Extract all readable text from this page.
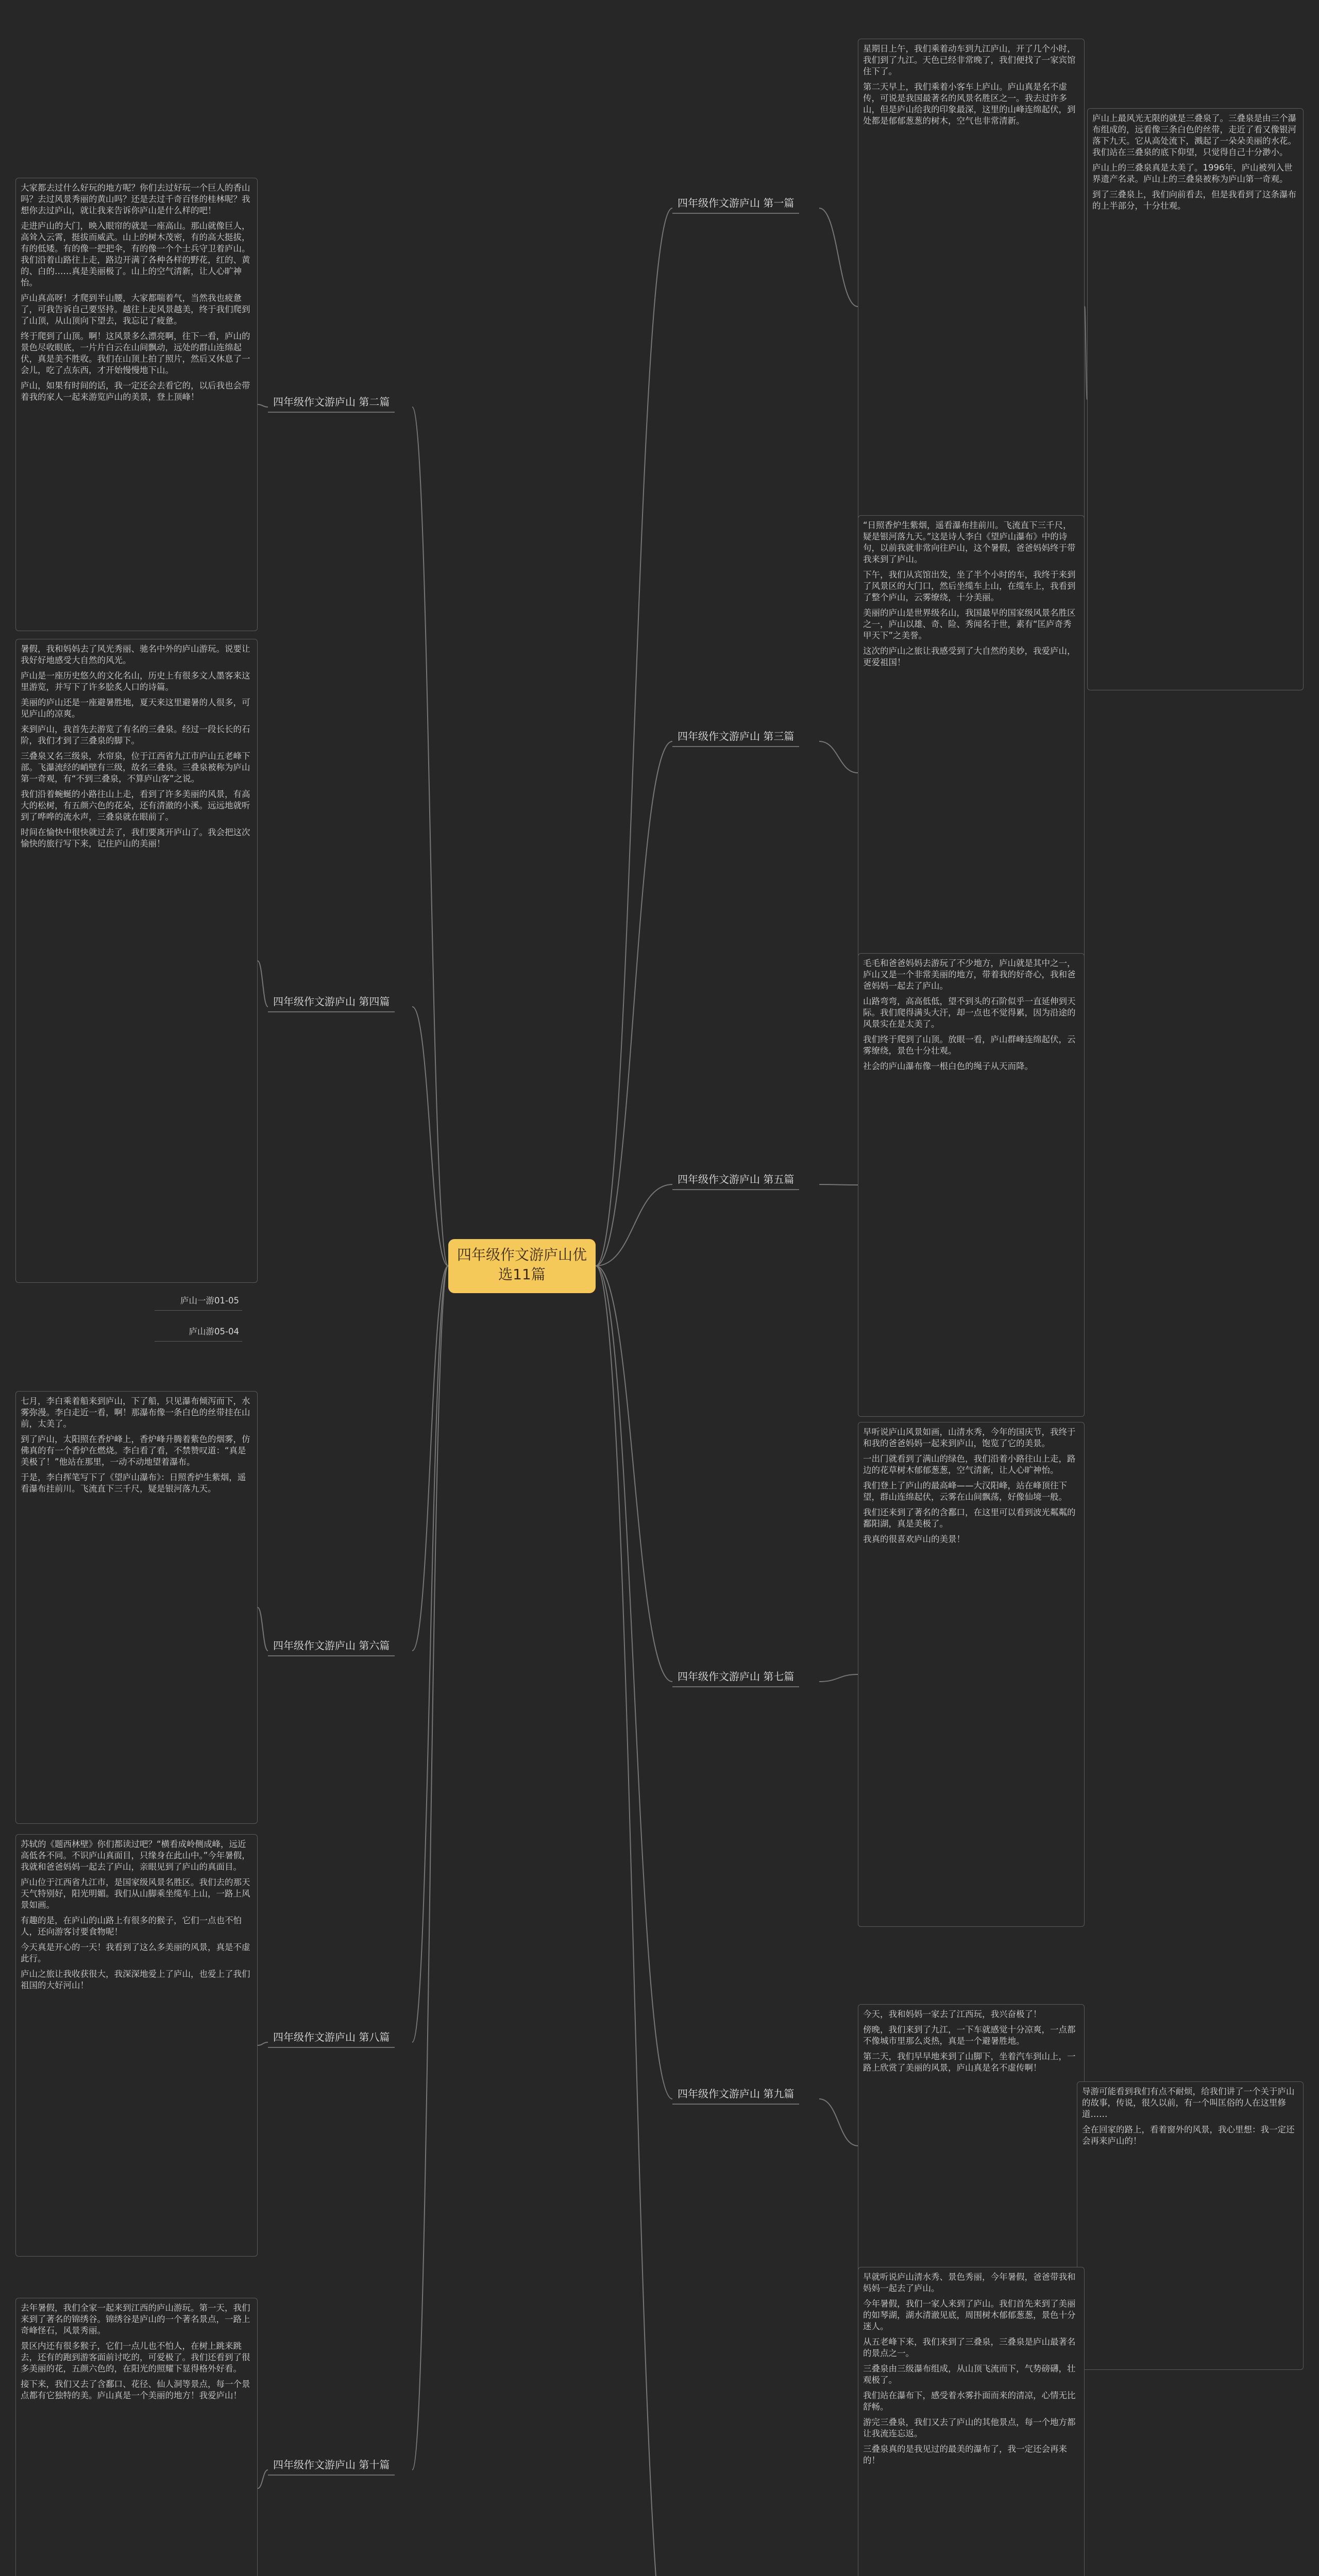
四年级作文游庐山优选11篇
四年级作文游庐山 第二篇
大家都去过什么好玩的地方呢？你们去过好玩一个巨人的香山吗？去过风景秀丽的黄山吗？还是去过千奇百怪的桂林呢？我想你去过庐山，就让我来告诉你庐山是什么样的吧！
走进庐山的大门，映入眼帘的就是一座高山。那山就像巨人，高耸入云霄，挺拔而威武。山上的树木茂密，有的高大挺拔，有的低矮。有的像一把把伞，有的像一个个士兵守卫着庐山。我们沿着山路往上走，路边开满了各种各样的野花，红的、黄的、白的……真是美丽极了。山上的空气清新，让人心旷神怡。
庐山真高呀！才爬到半山腰，大家都喘着气，当然我也疲惫了，可我告诉自己要坚持。越往上走风景越美，终于我们爬到了山顶，从山顶向下望去，我忘记了疲惫。
终于爬到了山顶。啊！这风景多么漂亮啊，往下一看，庐山的景色尽收眼底，一片片白云在山间飘动，远处的群山连绵起伏，真是美不胜收。我们在山顶上拍了照片，然后又休息了一会儿，吃了点东西，才开始慢慢地下山。
庐山，如果有时间的话，我一定还会去看它的，以后我也会带着我的家人一起来游览庐山的美景，登上顶峰！
四年级作文游庐山 第四篇
暑假，我和妈妈去了风光秀丽、驰名中外的庐山游玩。说要让我好好地感受大自然的风光。
庐山是一座历史悠久的文化名山，历史上有很多文人墨客来这里游览，并写下了许多脍炙人口的诗篇。
美丽的庐山还是一座避暑胜地，夏天来这里避暑的人很多，可见庐山的凉爽。
来到庐山，我首先去游览了有名的三叠泉。经过一段长长的石阶，我们才到了三叠泉的脚下。
三叠泉又名三级泉，水帘泉，位于江西省九江市庐山五老峰下部。飞瀑流经的峭壁有三级，故名三叠泉。三叠泉被称为庐山第一奇观，有“不到三叠泉，不算庐山客”之说。
我们沿着蜿蜒的小路往山上走，看到了许多美丽的风景，有高大的松树，有五颜六色的花朵，还有清澈的小溪。远远地就听到了哗哗的流水声，三叠泉就在眼前了。
时间在愉快中很快就过去了，我们要离开庐山了。我会把这次愉快的旅行写下来，记住庐山的美丽！
庐山一游01-05
庐山游05-04
四年级作文游庐山 第六篇
七月，李白乘着船来到庐山，下了船，只见瀑布倾泻而下，水雾弥漫。李白走近一看，啊！那瀑布像一条白色的丝带挂在山前，太美了。
到了庐山，太阳照在香炉峰上，香炉峰升腾着紫色的烟雾，仿佛真的有一个香炉在燃烧。李白看了看，不禁赞叹道：“真是美极了！”他站在那里，一动不动地望着瀑布。
于是，李白挥笔写下了《望庐山瀑布》：日照香炉生紫烟，遥看瀑布挂前川。飞流直下三千尺，疑是银河落九天。
四年级作文游庐山 第八篇
苏轼的《题西林壁》你们都读过吧？“横看成岭侧成峰，远近高低各不同。不识庐山真面目，只缘身在此山中。”今年暑假，我就和爸爸妈妈一起去了庐山，亲眼见到了庐山的真面目。
庐山位于江西省九江市，是国家级风景名胜区。我们去的那天天气特别好，阳光明媚。我们从山脚乘坐缆车上山，一路上风景如画。
有趣的是，在庐山的山路上有很多的猴子，它们一点也不怕人，还向游客讨要食物呢！
今天真是开心的一天！我看到了这么多美丽的风景，真是不虚此行。
庐山之旅让我收获很大，我深深地爱上了庐山，也爱上了我们祖国的大好河山！
四年级作文游庐山 第十篇
去年暑假，我们全家一起来到江西的庐山游玩。第一天，我们来到了著名的锦绣谷。锦绣谷是庐山的一个著名景点，一路上奇峰怪石，风景秀丽。
景区内还有很多猴子，它们一点儿也不怕人，在树上跳来跳去，还有的跑到游客面前讨吃的，可爱极了。我们还看到了很多美丽的花，五颜六色的，在阳光的照耀下显得格外好看。
接下来，我们又去了含鄱口、花径、仙人洞等景点，每一个景点都有它独特的美。庐山真是一个美丽的地方！我爱庐山！
四年级作文游庐山 第一篇
星期日上午，我们乘着动车到九江庐山，开了几个小时，我们到了九江。天色已经非常晚了，我们便找了一家宾馆住下了。
第二天早上，我们乘着小客车上庐山。庐山真是名不虚传，可说是我国最著名的风景名胜区之一。我去过许多山，但是庐山给我的印象最深，这里的山峰连绵起伏，到处都是郁郁葱葱的树木，空气也非常清新。	庐山上最风光无限的就是三叠泉了。三叠泉是由三个瀑布组成的，远看像三条白色的丝带，走近了看又像银河落下九天。它从高处流下，溅起了一朵朵美丽的水花。我们站在三叠泉的底下仰望，只觉得自己十分渺小。
庐山上的三叠泉真是太美了。1996年，庐山被列入世界遗产名录。庐山上的三叠泉被称为庐山第一奇观。
到了三叠泉上，我们向前看去，但是我看到了这条瀑布的上半部分，十分壮观。
四年级作文游庐山 第三篇
“日照香炉生紫烟，遥看瀑布挂前川。飞流直下三千尺，疑是银河落九天。”这是诗人李白《望庐山瀑布》中的诗句，以前我就非常向往庐山，这个暑假，爸爸妈妈终于带我来到了庐山。
下午，我们从宾馆出发，坐了半个小时的车，我终于来到了风景区的大门口，然后坐缆车上山，在缆车上，我看到了整个庐山，云雾缭绕，十分美丽。
美丽的庐山是世界级名山，我国最早的国家级风景名胜区之一，庐山以雄、奇、险、秀闻名于世，素有“匡庐奇秀甲天下”之美誉。
这次的庐山之旅让我感受到了大自然的美妙，我爱庐山，更爱祖国！
四年级作文游庐山 第五篇
毛毛和爸爸妈妈去游玩了不少地方，庐山就是其中之一，庐山又是一个非常美丽的地方，带着我的好奇心，我和爸爸妈妈一起去了庐山。
山路弯弯，高高低低，望不到头的石阶似乎一直延伸到天际。我们爬得满头大汗，却一点也不觉得累，因为沿途的风景实在是太美了。
我们终于爬到了山顶。放眼一看，庐山群峰连绵起伏，云雾缭绕，景色十分壮观。
社会的庐山瀑布像一根白色的绳子从天而降。
四年级作文游庐山 第七篇
早听说庐山风景如画，山清水秀，今年的国庆节，我终于和我的爸爸妈妈一起来到庐山，饱览了它的美景。
一出门就看到了满山的绿色，我们沿着小路往山上走，路边的花草树木郁郁葱葱，空气清新，让人心旷神怡。
我们登上了庐山的最高峰——大汉阳峰，站在峰顶往下望，群山连绵起伏，云雾在山间飘荡，好像仙境一般。
我们还来到了著名的含鄱口，在这里可以看到波光粼粼的鄱阳湖，真是美极了。
我真的很喜欢庐山的美景！
四年级作文游庐山 第九篇
今天，我和妈妈一家去了江西玩，我兴奋极了！
傍晚，我们来到了九江，一下车就感觉十分凉爽，一点都不像城市里那么炎热，真是一个避暑胜地。
第二天，我们早早地来到了山脚下，坐着汽车到山上，一路上欣赏了美丽的风景，庐山真是名不虚传啊！
导游可能看到我们有点不耐烦，给我们讲了一个关于庐山的故事，传说，很久以前，有一个叫匡俗的人在这里修道……
全在回家的路上，看着窗外的风景，我心里想：我一定还会再来庐山的！
早就听说庐山清水秀、景色秀丽，今年暑假，爸爸带我和妈妈一起去了庐山。
今年暑假，我们一家人来到了庐山。我们首先来到了美丽的如琴湖，湖水清澈见底，周围树木郁郁葱葱，景色十分迷人。
从五老峰下来，我们来到了三叠泉，三叠泉是庐山最著名的景点之一。
三叠泉由三级瀑布组成，从山顶飞流而下，气势磅礴，壮观极了。
我们站在瀑布下，感受着水雾扑面而来的清凉，心情无比舒畅。
游完三叠泉，我们又去了庐山的其他景点，每一个地方都让我流连忘返。
三叠泉真的是我见过的最美的瀑布了，我一定还会再来的！
